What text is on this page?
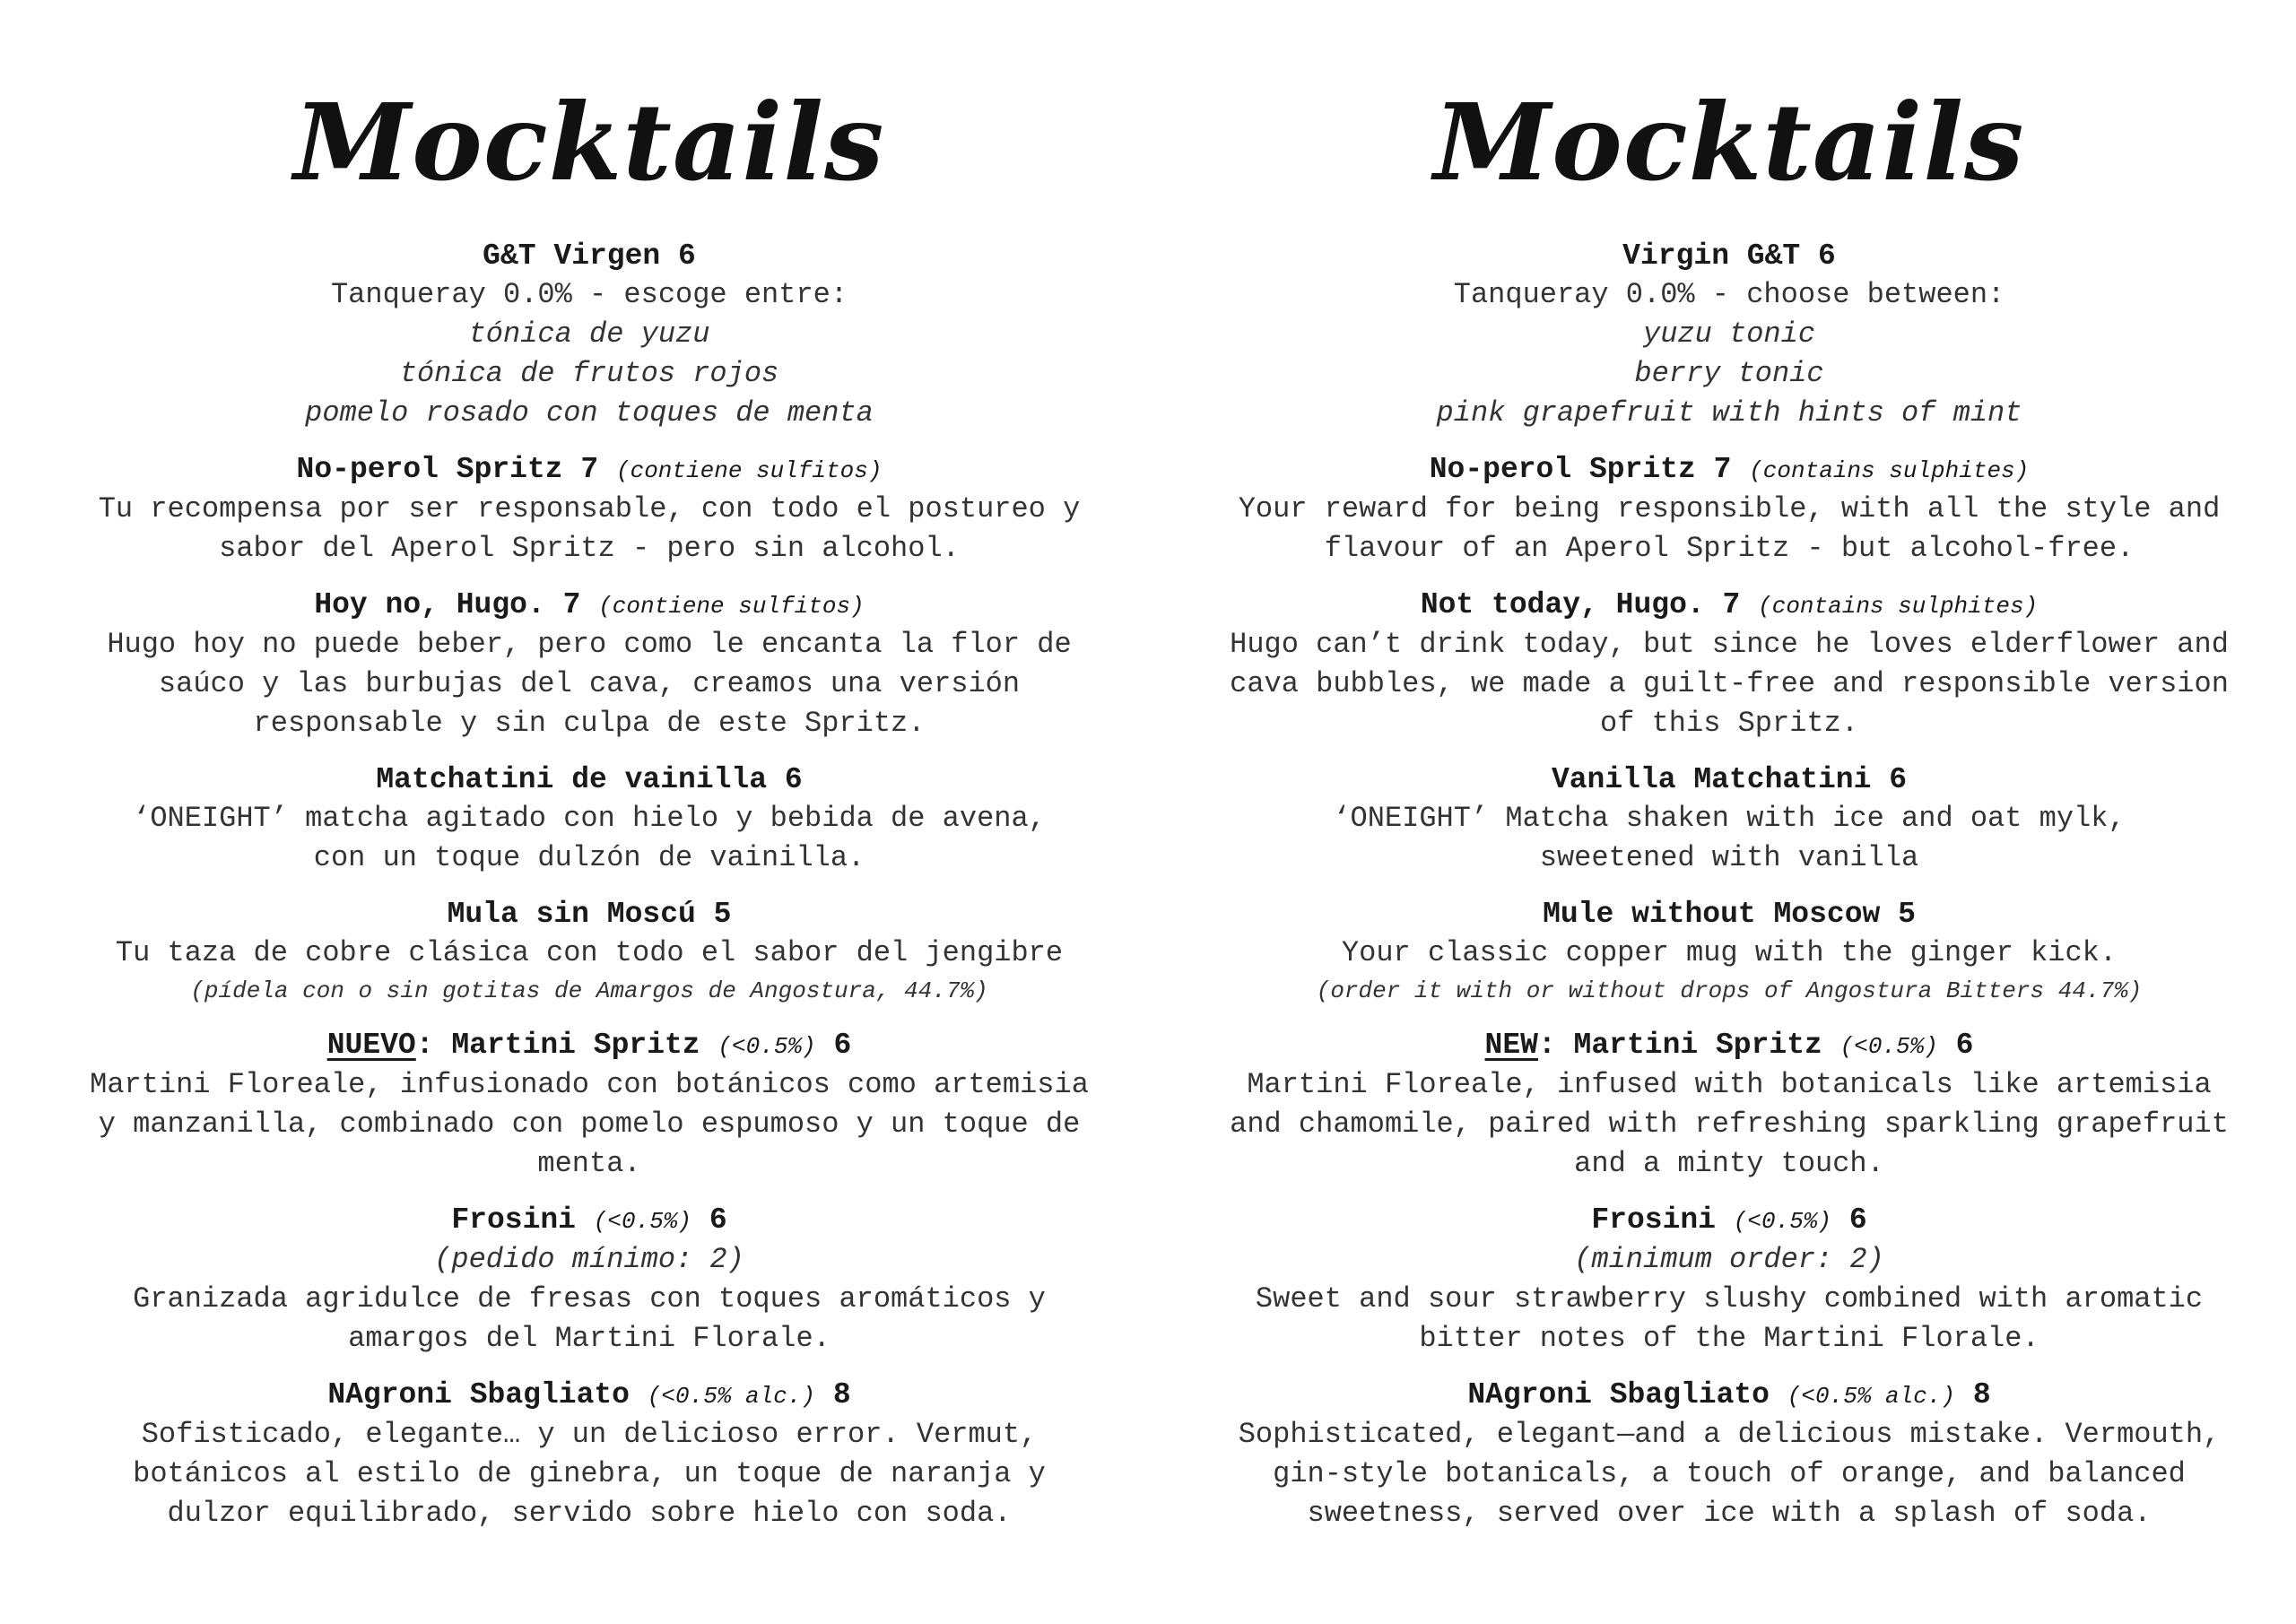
Mocktails

G&T Virgen 6

Tanqueray 0.0% - escoge entre:

tónica de yuzu

tónica de frutos rojos

pomelo rosado con toques de menta

No-perol Spritz 7 (contiene sulfitos)

Tu recompensa por ser responsable, con todo el postureo y

sabor del Aperol Spritz - pero sin alcohol.

Hoy no, Hugo. 7 (contiene sulfitos)

Hugo hoy no puede beber, pero como le encanta la flor de

saúco y las burbujas del cava, creamos una versión

responsable y sin culpa de este Spritz.

Matchatini de vainilla 6

‘ONEIGHT’ matcha agitado con hielo y bebida de avena,

con un toque dulzón de vainilla.

Mula sin Moscú 5

Tu taza de cobre clásica con todo el sabor del jengibre

(pídela con o sin gotitas de Amargos de Angostura, 44.7%)

NUEVO: Martini Spritz (<0.5%) 6

Martini Floreale, infusionado con botánicos como artemisia

y manzanilla, combinado con pomelo espumoso y un toque de

menta.

Frosini (<0.5%) 6

(pedido mínimo: 2)

Granizada agridulce de fresas con toques aromáticos y

amargos del Martini Florale.

NAgroni Sbagliato (<0.5% alc.) 8

Sofisticado, elegante… y un delicioso error. Vermut,

botánicos al estilo de ginebra, un toque de naranja y

dulzor equilibrado, servido sobre hielo con soda.

Mocktails

Virgin G&T 6

Tanqueray 0.0% - choose between:

yuzu tonic

berry tonic

pink grapefruit with hints of mint

No-perol Spritz 7 (contains sulphites)

Your reward for being responsible, with all the style and

flavour of an Aperol Spritz - but alcohol-free.

Not today, Hugo. 7 (contains sulphites)

Hugo can’t drink today, but since he loves elderflower and

cava bubbles, we made a guilt-free and responsible version

of this Spritz.

Vanilla Matchatini 6

‘ONEIGHT’ Matcha shaken with ice and oat mylk,

sweetened with vanilla

Mule without Moscow 5

Your classic copper mug with the ginger kick.

(order it with or without drops of Angostura Bitters 44.7%)

NEW: Martini Spritz (<0.5%) 6

Martini Floreale, infused with botanicals like artemisia

and chamomile, paired with refreshing sparkling grapefruit

and a minty touch.

Frosini (<0.5%) 6

(minimum order: 2)

Sweet and sour strawberry slushy combined with aromatic

bitter notes of the Martini Florale.

NAgroni Sbagliato (<0.5% alc.) 8

Sophisticated, elegant—and a delicious mistake. Vermouth,

gin-style botanicals, a touch of orange, and balanced

sweetness, served over ice with a splash of soda.
